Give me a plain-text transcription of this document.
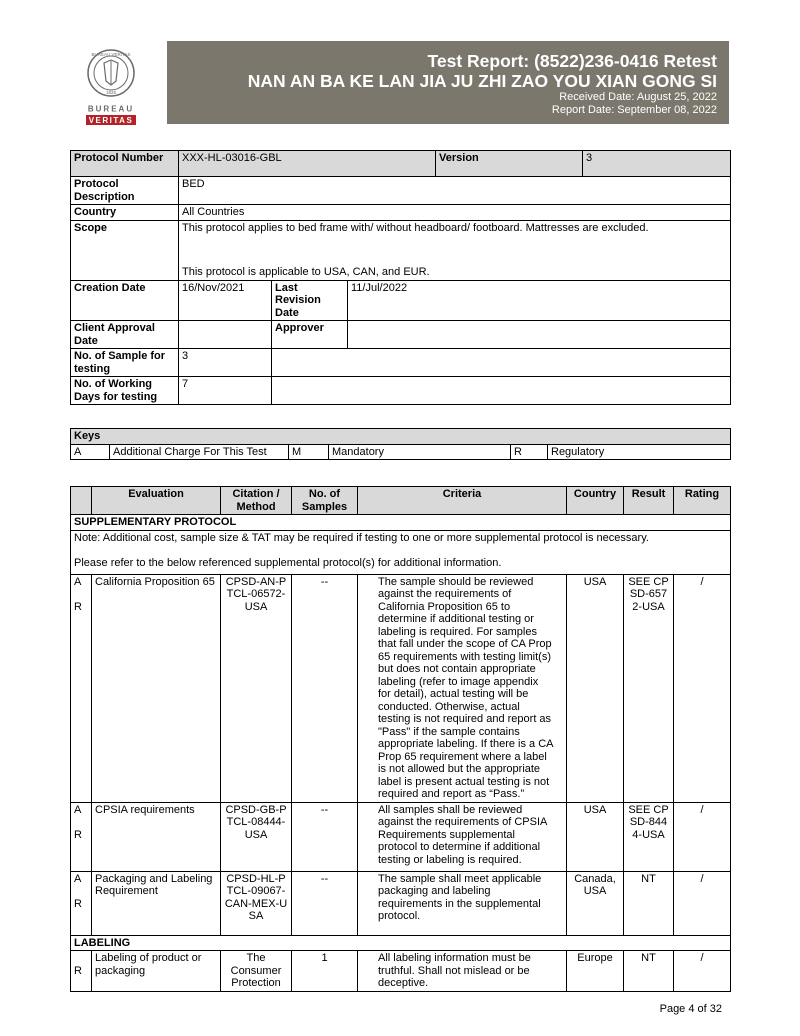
BUREAU VERITAS
1828
BUREAU
VERITAS
Test Report: (8522)236-0416 Retest
NAN AN BA KE LAN JIA JU ZHI ZAO YOU XIAN GONG SI
Received Date: August 25, 2022
Report Date: September 08, 2022
Protocol Number	XXX-HL-03016-GBL			Version	3
Protocol Description	BED				
Country	All Countries				
Scope	This protocol applies to bed frame with/ without headboard/ footboard. Mattresses are excluded.
This protocol is applicable to USA, CAN, and EUR.				

Creation Date	16/Nov/2021	Last Revision Date	11/Jul/2022		
Client Approval Date		Approver			
No. of Sample for testing	3				
No. of Working Days for testing	7				
Keys
A	Additional Charge For This Test	M	Mandatory	R	Regulatory
	Evaluation	Citation / Method	No. of Samples	Criteria	Country	Result	Rating
SUPPLEMENTARY PROTOCOL							

Note: Additional cost, sample size & TAT may be required if testing to one or more supplemental protocol is necessary.
Please refer to the below referenced supplemental protocol(s) for additional information.							

A

R	California Proposition 65	CPSD-AN-PTCL-06572-USA	--	The sample should be reviewed against the requirements of California Proposition 65 to determine if additional testing or labeling is required. For samples that fall under the scope of CA Prop 65 requirements with testing limit(s) but does not contain appropriate labeling (refer to image appendix for detail), actual testing will be conducted. Otherwise, actual testing is not required and report as "Pass" if the sample contains appropriate labeling. If there is a CA Prop 65 requirement where a label is not allowed but the appropriate label is present actual testing is not required and report as “Pass.”	USA	SEE CPSD-6572-USA	/
A

R	CPSIA requirements	CPSD-GB-PTCL-08444-USA	--	All samples shall be reviewed against the requirements of CPSIA Requirements supplemental protocol to determine if additional testing or labeling is required.	USA	SEE CPSD-8444-USA	/
A

R	Packaging and Labeling Requirement	CPSD-HL-PTCL-09067-CAN-MEX-USA	--	The sample shall meet applicable packaging and labeling requirements in the supplemental protocol.	Canada, USA	NT	/
LABELING							

R	Labeling of product or packaging	The Consumer Protection	1	All labeling information must be truthful. Shall not mislead or be deceptive.	Europe	NT	/
Page 4 of 32
